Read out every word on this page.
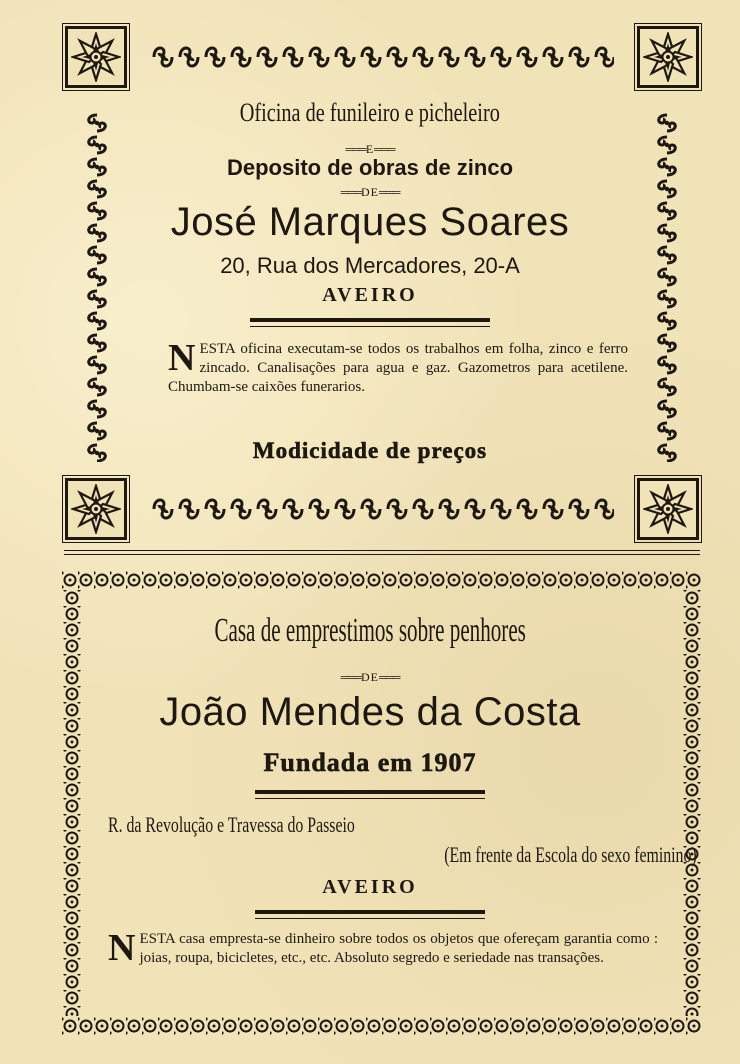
Oficina de funileiro e picheleiro
═══ E ═══
Deposito de obras de zinco
═══ DE ═══
José Marques Soares
20, Rua dos Mercadores, 20-A
AVEIRO
NESTA oficina executam-se todos os trabalhos em folha, zinco e ferro zincado. Canalisações para agua e gaz. Gazometros para acetilene. Chumbam-se caixões funerarios.
Modicidade de preços
Casa de emprestimos sobre penhores
═══ DE ═══
João Mendes da Costa
Fundada em 1907
R. da Revolução e Travessa do Passeio
(Em frente da Escola do sexo feminino)
AVEIRO
NESTA casa empresta-se dinheiro sobre todos os objetos que ofereçam garantia como : joias, roupa, bicicletes, etc., etc. Absoluto segredo e seriedade nas transações.
